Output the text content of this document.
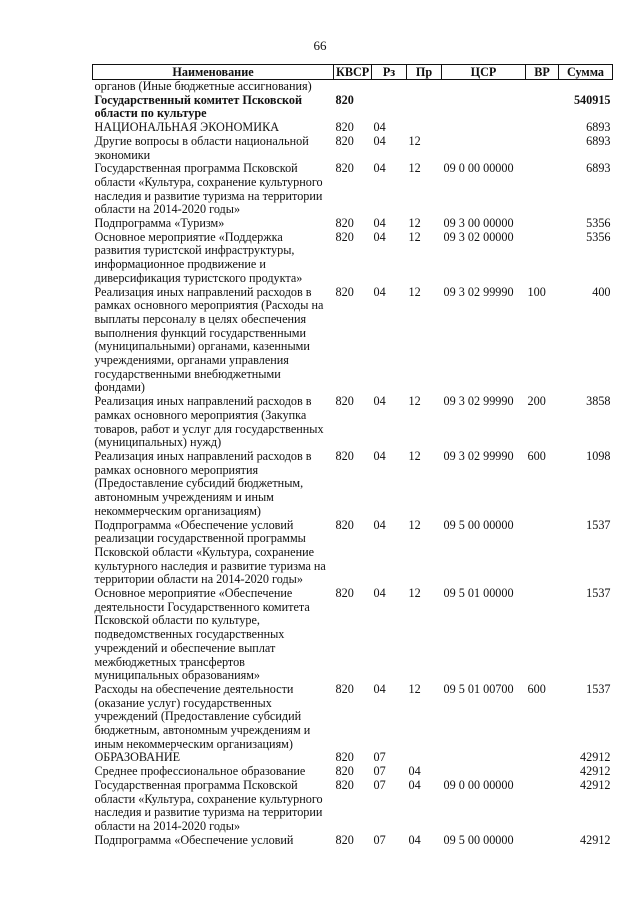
66
Наименование	КВСР	Рз	Пр	ЦСР	ВР	Сумма
органов (Иные бюджетные ассигнования)						
Государственный комитет Псковской области по культуре	820					540915
НАЦИОНАЛЬНАЯ ЭКОНОМИКА	820	04				6893
Другие вопросы в области национальной экономики	820	04	12			6893
Государственная программа Псковской области «Культура, сохранение культурного наследия и развитие туризма на территории области на 2014-2020 годы»	820	04	12	09 0 00 00000		6893
Подпрограмма «Туризм»	820	04	12	09 3 00 00000		5356
Основное мероприятие «Поддержка развития туристской инфраструктуры, информационное продвижение и диверсификация туристского продукта»	820	04	12	09 3 02 00000		5356
Реализация иных направлений расходов в рамках основного мероприятия (Расходы на выплаты персоналу в целях обеспечения выполнения функций государственными (муниципальными) органами, казенными учреждениями, органами управления государственными внебюджетными фондами)	820	04	12	09 3 02 99990	100	400
Реализация иных направлений расходов в рамках основного мероприятия (Закупка товаров, работ и услуг для государственных (муниципальных) нужд)	820	04	12	09 3 02 99990	200	3858
Реализация иных направлений расходов в рамках основного мероприятия (Предоставление субсидий бюджетным, автономным учреждениям и иным некоммерческим организациям)	820	04	12	09 3 02 99990	600	1098
Подпрограмма «Обеспечение условий реализации государственной программы Псковской области «Культура, сохранение культурного наследия и развитие туризма на территории области на 2014-2020 годы»	820	04	12	09 5 00 00000		1537
Основное мероприятие «Обеспечение деятельности Государственного комитета Псковской области по культуре, подведомственных государственных учреждений и обеспечение выплат межбюджетных трансфертов муниципальных образованиям»	820	04	12	09 5 01 00000		1537
Расходы на обеспечение деятельности (оказание услуг) государственных учреждений (Предоставление субсидий бюджетным, автономным учреждениям и иным некоммерческим организациям)	820	04	12	09 5 01 00700	600	1537
ОБРАЗОВАНИЕ	820	07				42912
Среднее профессиональное образование	820	07	04			42912
Государственная программа Псковской области «Культура, сохранение культурного наследия и развитие туризма на территории области на 2014-2020 годы»	820	07	04	09 0 00 00000		42912
Подпрограмма «Обеспечение условий	820	07	04	09 5 00 00000		42912
